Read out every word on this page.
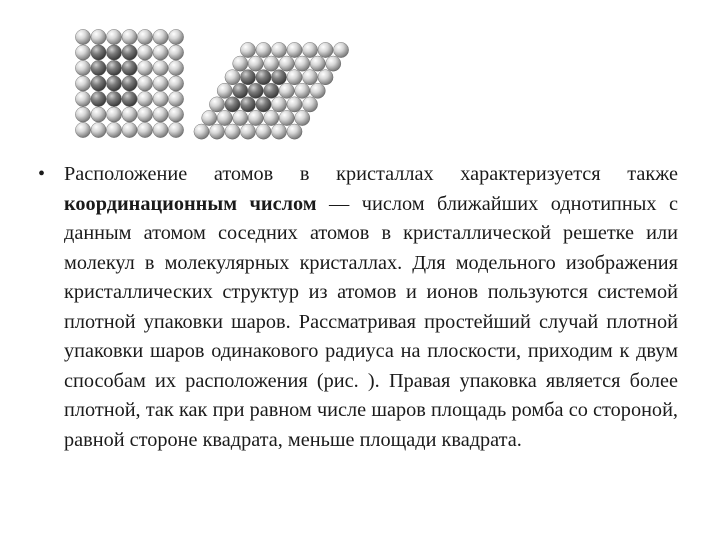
• Расположение атомов в кристаллах характеризуется также координационным числом — числом ближайших однотипных с данным атомом соседних атомов в кристаллической решетке или молекул в молекулярных кристаллах. Для модельного изображения кристаллических структур из атомов и ионов пользуются системой плотной упаковки шаров. Рассматривая простейший случай плотной упаковки шаров одинакового радиуса на плоскости, приходим к двум способам их расположения (рис. ). Правая упаковка является более плотной, так как при равном числе шаров площадь ромба со стороной, равной стороне квадрата, меньше площади квадрата.
